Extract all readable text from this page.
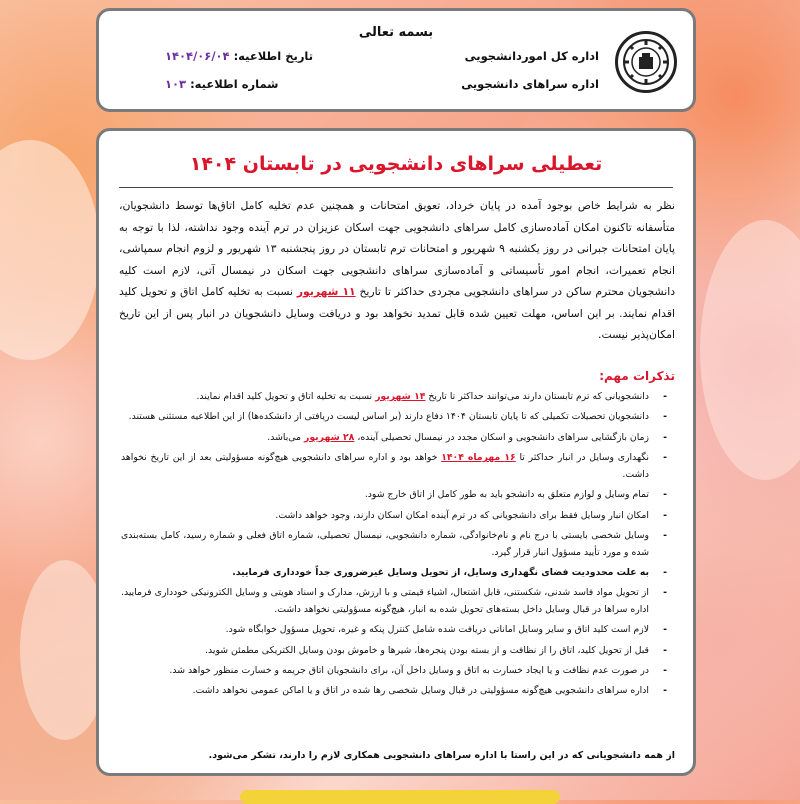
بسمه تعالی
اداره کل اموردانشجویی
اداره سراهای دانشجویی
تاریخ اطلاعیه: ۱۴۰۴/۰۶/۰۴
شماره اطلاعیه: ۱۰۳
تعطیلی سراهای دانشجویی در تابستان ۱۴۰۴
نظر به شرایط خاص بوجود آمده در پایان خرداد، تعویق امتحانات و همچنین عدم تخلیه کامل اتاق‌ها توسط دانشجویان، متأسفانه تاکنون امکان آماده‌سازی کامل سراهای دانشجویی جهت اسکان عزیزان در ترم آینده وجود نداشته، لذا با توجه به پایان امتحانات جبرانی در روز یکشنبه ۹ شهریور و امتحانات ترم تابستان در روز پنجشنبه ۱۳ شهریور و لزوم انجام سمپاشی، انجام تعمیرات، انجام امور تأسیساتی و آماده‌سازی سراهای دانشجویی جهت اسکان در نیمسال آتی، لازم است کلیه دانشجویان محترم ساکن در سراهای دانشجویی مجردی حداکثر تا تاریخ ۱۱ شهریور نسبت به تخلیه کامل اتاق و تحویل کلید اقدام نمایند. بر این اساس، مهلت تعیین شده قابل تمدید نخواهد بود و دریافت وسایل دانشجویان در انبار پس از این تاریخ امکان‌پذیر نیست.
تذکرات مهم:
- دانشجویانی که ترم تابستان دارند می‌توانند حداکثر تا تاریخ ۱۴ شهریور نسبت به تخلیه اتاق و تحویل کلید اقدام نمایند.
- دانشجویان تحصیلات تکمیلی که تا پایان تابستان ۱۴۰۴ دفاع دارند (بر اساس لیست دریافتی از دانشکده‌ها) از این اطلاعیه مستثنی هستند.
- زمان بازگشایی سراهای دانشجویی و اسکان مجدد در نیمسال تحصیلی آینده، ۲۸ شهریور می‌باشد.
- نگهداری وسایل در انبار حداکثر تا ۱۶ مهرماه ۱۴۰۴ خواهد بود و اداره سراهای دانشجویی هیچ‌گونه مسؤولیتی بعد از این تاریخ نخواهد داشت.
- تمام وسایل و لوازم متعلق به دانشجو باید به طور کامل از اتاق خارج شود.
- امکان انبار وسایل فقط برای دانشجویانی که در ترم آینده امکان اسکان دارند، وجود خواهد داشت.
- وسایل شخصی بایستی با درج نام و نام‌خانوادگی، شماره دانشجویی، نیمسال تحصیلی، شماره اتاق فعلی و شماره رسید، کامل بسته‌بندی شده و مورد تأیید مسؤول انبار قرار گیرد.
- به علت محدودیت فضای نگهداری وسایل، از تحویل وسایل غیرضروری جداً خودداری فرمایید.
- از تحویل مواد فاسد شدنی، شکستنی، قابل اشتعال، اشیاء قیمتی و با ارزش، مدارک و اسناد هویتی و وسایل الکترونیکی خودداری فرمایید. اداره سراها در قبال وسایل داخل بسته‌های تحویل شده به انبار، هیچ‌گونه مسؤولیتی نخواهد داشت.
- لازم است کلید اتاق و سایر وسایل اماناتی دریافت شده شامل کنترل پنکه و غیره، تحویل مسؤول خوابگاه شود.
- قبل از تحویل کلید، اتاق را از نظافت و از بسته بودن پنجره‌ها، شیرها و خاموش بودن وسایل الکتریکی مطمئن شوید.
- در صورت عدم نظافت و یا ایجاد خسارت به اتاق و وسایل داخل آن، برای دانشجویان اتاق جریمه و خسارت منظور خواهد شد.
- اداره سراهای دانشجویی هیچ‌گونه مسؤولیتی در قبال وسایل شخصی رها شده در اتاق و یا اماکن عمومی نخواهد داشت.
از همه دانشجویانی که در این راستا با اداره سراهای دانشجویی همکاری لازم را دارند، تشکر می‌شود.
